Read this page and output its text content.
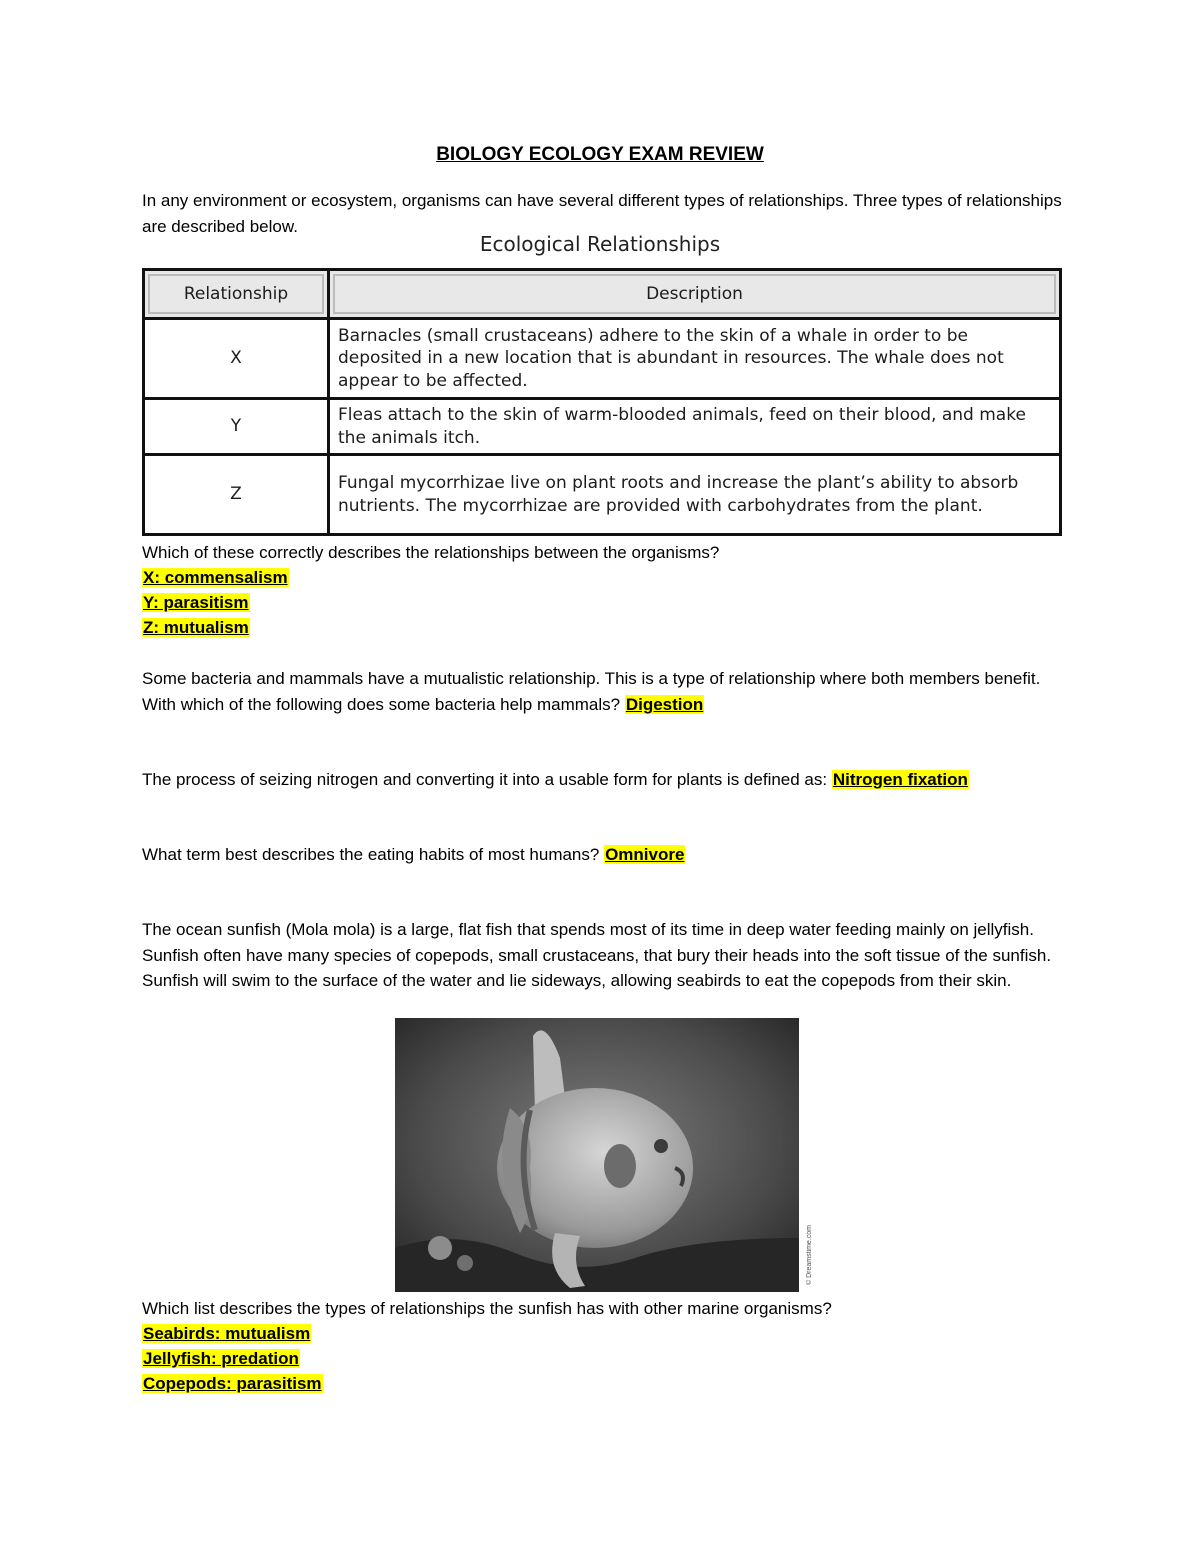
BIOLOGY ECOLOGY EXAM REVIEW
In any environment or ecosystem, organisms can have several different types of relationships. Three types of relationships are described below.
Ecological Relationships
Relationship	Description

X	Barnacles (small crustaceans) adhere to the skin of a whale in order to be deposited in a new location that is abundant in resources. The whale does not appear to be affected.
Y	Fleas attach to the skin of warm-blooded animals, feed on their blood, and make the animals itch.
Z	Fungal mycorrhizae live on plant roots and increase the plant’s ability to absorb nutrients. The mycorrhizae are provided with carbohydrates from the plant.
Which of these correctly describes the relationships between the organisms?
X: commensalism
Y: parasitism
Z: mutualism
Some bacteria and mammals have a mutualistic relationship. This is a type of relationship where both members benefit. With which of the following does some bacteria help mammals? Digestion
The process of seizing nitrogen and converting it into a usable form for plants is defined as: Nitrogen fixation
What term best describes the eating habits of most humans? Omnivore
The ocean sunfish (Mola mola) is a large, flat fish that spends most of its time in deep water feeding mainly on jellyfish. Sunfish often have many species of copepods, small crustaceans, that bury their heads into the soft tissue of the sunfish. Sunfish will swim to the surface of the water and lie sideways, allowing seabirds to eat the copepods from their skin.
© Dreamstime.com
Which list describes the types of relationships the sunfish has with other marine organisms?
Seabirds: mutualism
Jellyfish: predation
Copepods: parasitism
